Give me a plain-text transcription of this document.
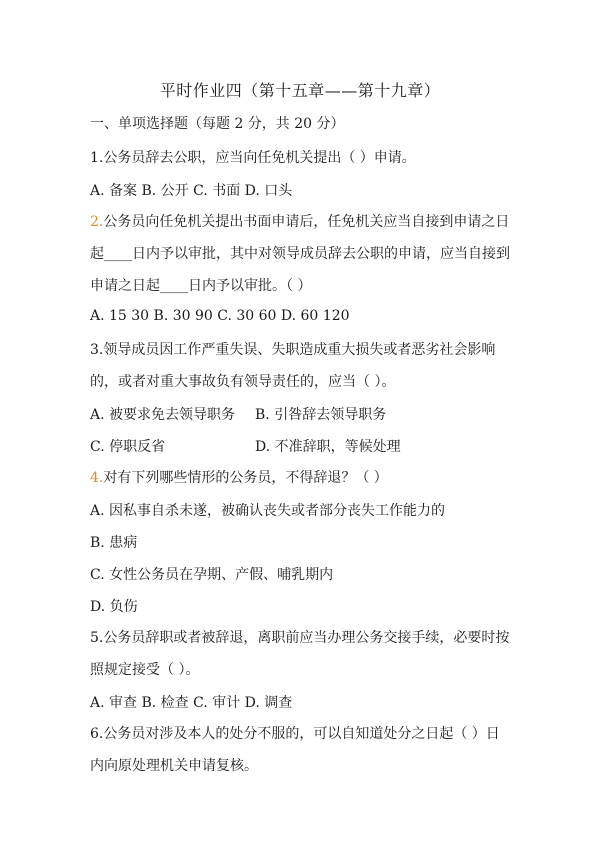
平时作业四（第十五章——第十九章）
一、单项选择题（每题 2 分，共 20 分）
1.公务员辞去公职，应当向任免机关提出（ ）申请。
A. 备案 B. 公开 C. 书面 D. 口头
2.公务员向任免机关提出书面申请后，任免机关应当自接到申请之日
起____日内予以审批，其中对领导成员辞去公职的申请，应当自接到
申请之日起____日内予以审批。（ ）
A. 15 30 B. 30 90 C. 30 60 D. 60 120
3.领导成员因工作严重失误、失职造成重大损失或者恶劣社会影响
的，或者对重大事故负有领导责任的，应当（ ）。
A. 被要求免去领导职务 B. 引咎辞去领导职务
C. 停职反省	D. 不准辞职，等候处理
4.对有下列哪些情形的公务员，不得辞退？（ ）
A. 因私事自杀未遂，被确认丧失或者部分丧失工作能力的
B. 患病
C. 女性公务员在孕期、产假、哺乳期内
D. 负伤
5.公务员辞职或者被辞退，离职前应当办理公务交接手续，必要时按
照规定接受（ ）。
A. 审查 B. 检查 C. 审计 D. 调查
6.公务员对涉及本人的处分不服的，可以自知道处分之日起（ ）日
内向原处理机关申请复核。
